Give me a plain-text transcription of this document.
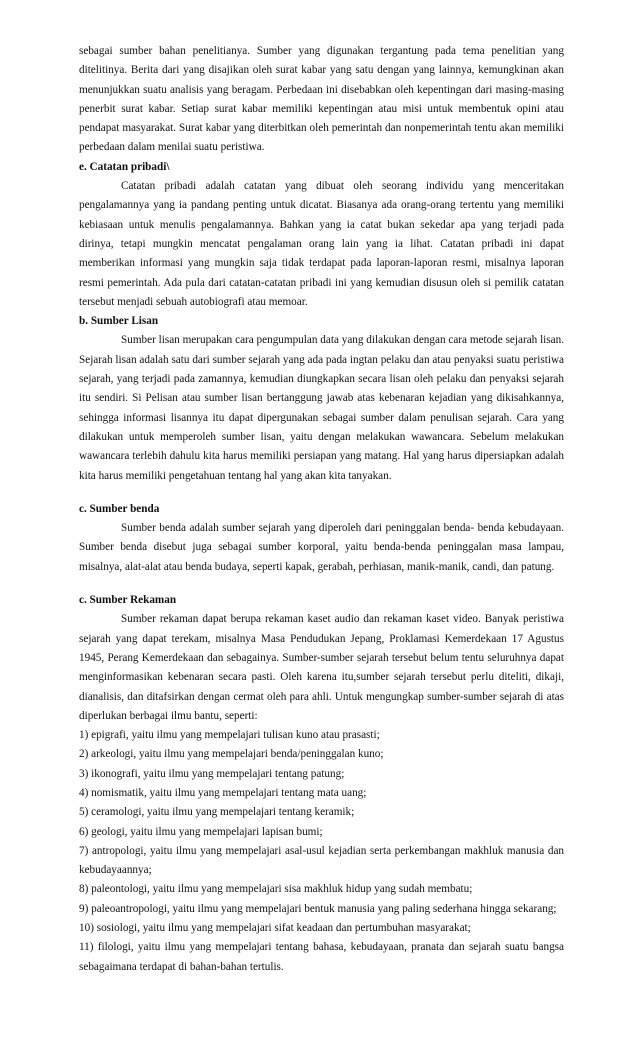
sebagai sumber bahan penelitianya. Sumber yang digunakan tergantung pada tema penelitian yang ditelitinya. Berita dari yang disajikan oleh surat kabar yang satu dengan yang lainnya, kemungkinan akan menunjukkan suatu analisis yang beragam. Perbedaan ini disebabkan oleh kepentingan dari masing-masing penerbit surat kabar. Setiap surat kabar memiliki kepentingan atau misi untuk membentuk opini atau pendapat masyarakat. Surat kabar yang diterbitkan oleh pemerintah dan nonpemerintah tentu akan memiliki perbedaan dalam menilai suatu peristiwa.

e. Catatan pribadi\

Catatan pribadi adalah catatan yang dibuat oleh seorang individu yang menceritakan pengalamannya yang ia pandang penting untuk dicatat. Biasanya ada orang-orang tertentu yang memiliki kebiasaan untuk menulis pengalamannya. Bahkan yang ia catat bukan sekedar apa yang terjadi pada dirinya, tetapi mungkin mencatat pengalaman orang lain yang ia lihat. Catatan pribadi ini dapat memberikan informasi yang mungkin saja tidak terdapat pada laporan-laporan resmi, misalnya laporan resmi pemerintah. Ada pula dari catatan-catatan pribadi ini yang kemudian disusun oleh si pemilik catatan tersebut menjadi sebuah autobiografi atau memoar.

b. Sumber Lisan

Sumber lisan merupakan cara pengumpulan data yang dilakukan dengan cara metode sejarah lisan. Sejarah lisan adalah satu dari sumber sejarah yang ada pada ingtan pelaku dan atau penyaksi suatu peristiwa sejarah, yang terjadi pada zamannya, kemudian diungkapkan secara lisan oleh pelaku dan penyaksi sejarah itu sendiri. Si Pelisan atau sumber lisan bertanggung jawab atas kebenaran kejadian yang dikisahkannya, sehingga informasi lisannya itu dapat dipergunakan sebagai sumber dalam penulisan sejarah. Cara yang dilakukan untuk memperoleh sumber lisan, yaitu dengan melakukan wawancara. Sebelum melakukan wawancara terlebih dahulu kita harus memiliki persiapan yang matang. Hal yang harus dipersiapkan adalah kita harus memiliki pengetahuan tentang hal yang akan kita tanyakan.

c. Sumber benda

Sumber benda adalah sumber sejarah yang diperoleh dari peninggalan benda- benda kebudayaan. Sumber benda disebut juga sebagai sumber korporal, yaitu benda-benda peninggalan masa lampau, misalnya, alat-alat atau benda budaya, seperti kapak, gerabah, perhiasan, manik-manik, candi, dan patung.

c. Sumber Rekaman

Sumber rekaman dapat berupa rekaman kaset audio dan rekaman kaset video. Banyak peristiwa sejarah yang dapat terekam, misalnya Masa Pendudukan Jepang, Proklamasi Kemerdekaan 17 Agustus 1945, Perang Kemerdekaan dan sebagainya. Sumber-sumber sejarah tersebut belum tentu seluruhnya dapat menginformasikan kebenaran secara pasti. Oleh karena itu,sumber sejarah tersebut perlu diteliti, dikaji, dianalisis, dan ditafsirkan dengan cermat oleh para ahli. Untuk mengungkap sumber-sumber sejarah di atas diperlukan berbagai ilmu bantu, seperti:

1) epigrafi, yaitu ilmu yang mempelajari tulisan kuno atau prasasti;
2) arkeologi, yaitu ilmu yang mempelajari benda/peninggalan kuno;
3) ikonografi, yaitu ilmu yang mempelajari tentang patung;
4) nomismatik, yaitu ilmu yang mempelajari tentang mata uang;
5) ceramologi, yaitu ilmu yang mempelajari tentang keramik;
6) geologi, yaitu ilmu yang mempelajari lapisan bumi;
7) antropologi, yaitu ilmu yang mempelajari asal-usul kejadian serta perkembangan makhluk manusia dan kebudayaannya;
8) paleontologi, yaitu ilmu yang mempelajari sisa makhluk hidup yang sudah membatu;
9) paleoantropologi, yaitu ilmu yang mempelajari bentuk manusia yang paling sederhana hingga sekarang;
10) sosiologi, yaitu ilmu yang mempelajari sifat keadaan dan pertumbuhan masyarakat;
11) filologi, yaitu ilmu yang mempelajari tentang bahasa, kebudayaan, pranata dan sejarah suatu bangsa sebagaimana terdapat di bahan-bahan tertulis.
